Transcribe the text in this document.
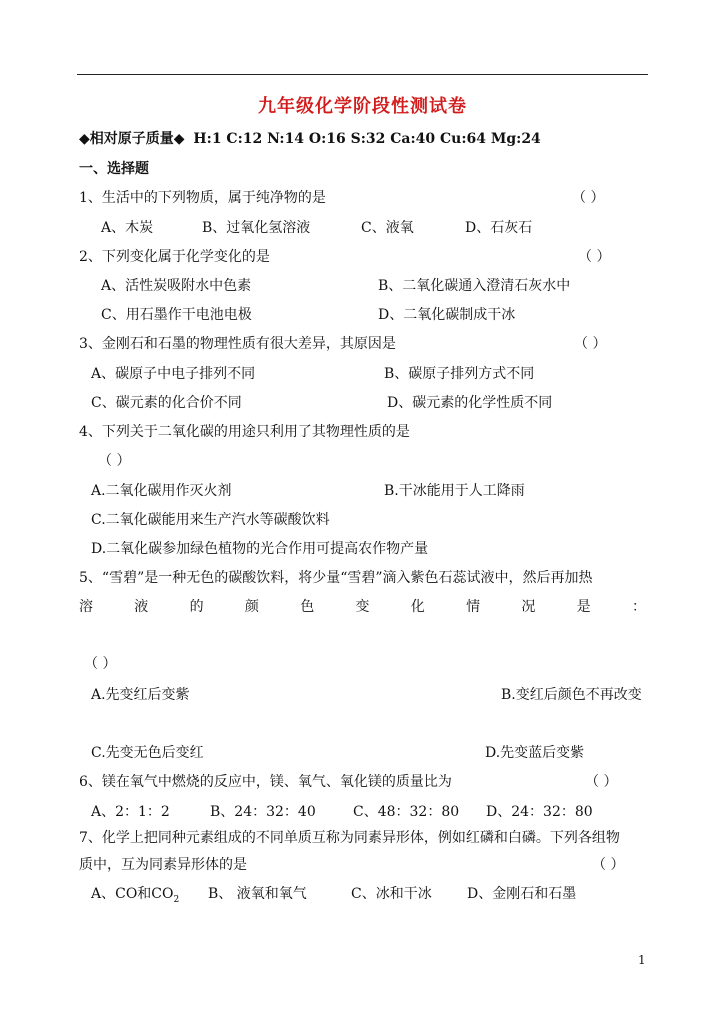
九年级化学阶段性测试卷
◆相对原子质量◆ H:1 C:12 N:14 O:16 S:32 Ca:40 Cu:64 Mg:24
一、选择题
1、生活中的下列物质，属于纯净物的是	（ ）
A、木炭	B、过氧化氢溶液	C、液氧	D、石灰石
2、下列变化属于化学变化的是	（ ）
A、活性炭吸附水中色素	B、二氧化碳通入澄清石灰水中
C、用石墨作干电池电极	D、二氧化碳制成干冰
3、金刚石和石墨的物理性质有很大差异，其原因是	（ ）
A、碳原子中电子排列不同	B、碳原子排列方式不同
C、碳元素的化合价不同	D、碳元素的化学性质不同
4、下列关于二氧化碳的用途只利用了其物理性质的是
（ ）
A.二氧化碳用作灭火剂	B.干冰能用于人工降雨
C.二氧化碳能用来生产汽水等碳酸饮料
D.二氧化碳参加绿色植物的光合作用可提高农作物产量
5、“雪碧”是一种无色的碳酸饮料，将少量“雪碧”滴入紫色石蕊试液中，然后再加热
溶	液	的	颜	色	变	化	情	况	是	：
（ ）
A.先变红后变紫	B.变红后颜色不再改变
C.先变无色后变红	D.先变蓝后变紫
6、镁在氧气中燃烧的反应中，镁、氧气、氧化镁的质量比为	（ ）
A、2：1：2	B、24：32：40	C、48：32：80 D、24：32：80
7、化学上把同种元素组成的不同单质互称为同素异形体，例如红磷和白磷。下列各组物
质中，互为同素异形体的是	（ ）
A、CO和$CO_2$ B、 液氧和氧气	C、冰和干冰	D、金刚石和石墨
1
